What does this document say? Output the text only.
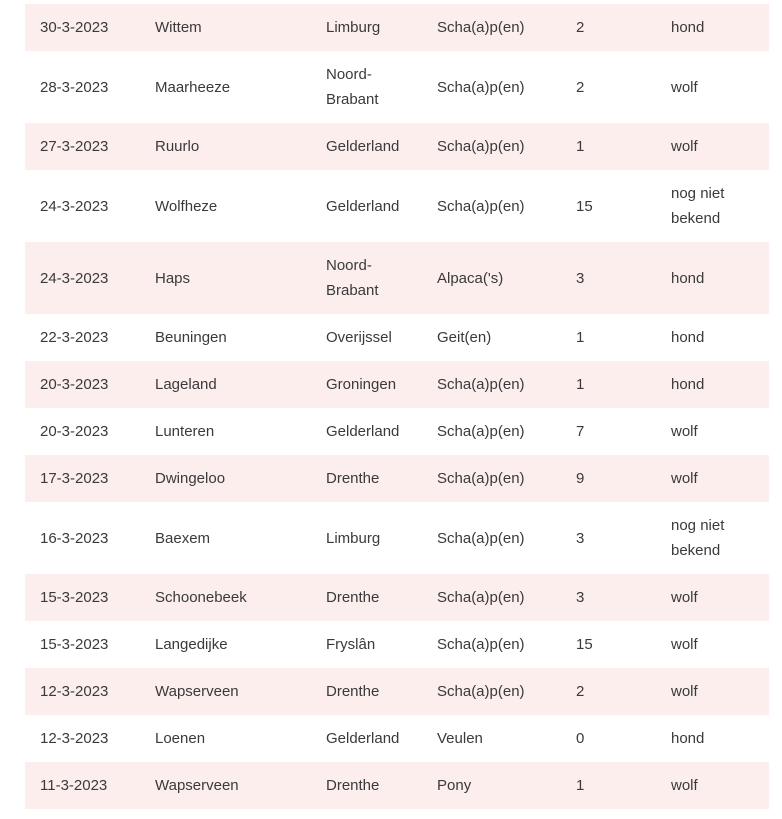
30-3-2023	Wittem	Limburg	Scha(a)p(en)	2	hond
28-3-2023	Maarheeze	Noord-Brabant	Scha(a)p(en)	2	wolf
27-3-2023	Ruurlo	Gelderland	Scha(a)p(en)	1	wolf
24-3-2023	Wolfheze	Gelderland	Scha(a)p(en)	15	nog niet bekend
24-3-2023	Haps	Noord-Brabant	Alpaca('s)	3	hond
22-3-2023	Beuningen	Overijssel	Geit(en)	1	hond
20-3-2023	Lageland	Groningen	Scha(a)p(en)	1	hond
20-3-2023	Lunteren	Gelderland	Scha(a)p(en)	7	wolf
17-3-2023	Dwingeloo	Drenthe	Scha(a)p(en)	9	wolf
16-3-2023	Baexem	Limburg	Scha(a)p(en)	3	nog niet bekend
15-3-2023	Schoonebeek	Drenthe	Scha(a)p(en)	3	wolf
15-3-2023	Langedijke	Fryslân	Scha(a)p(en)	15	wolf
12-3-2023	Wapserveen	Drenthe	Scha(a)p(en)	2	wolf
12-3-2023	Loenen	Gelderland	Veulen	0	hond
11-3-2023	Wapserveen	Drenthe	Pony	1	wolf
